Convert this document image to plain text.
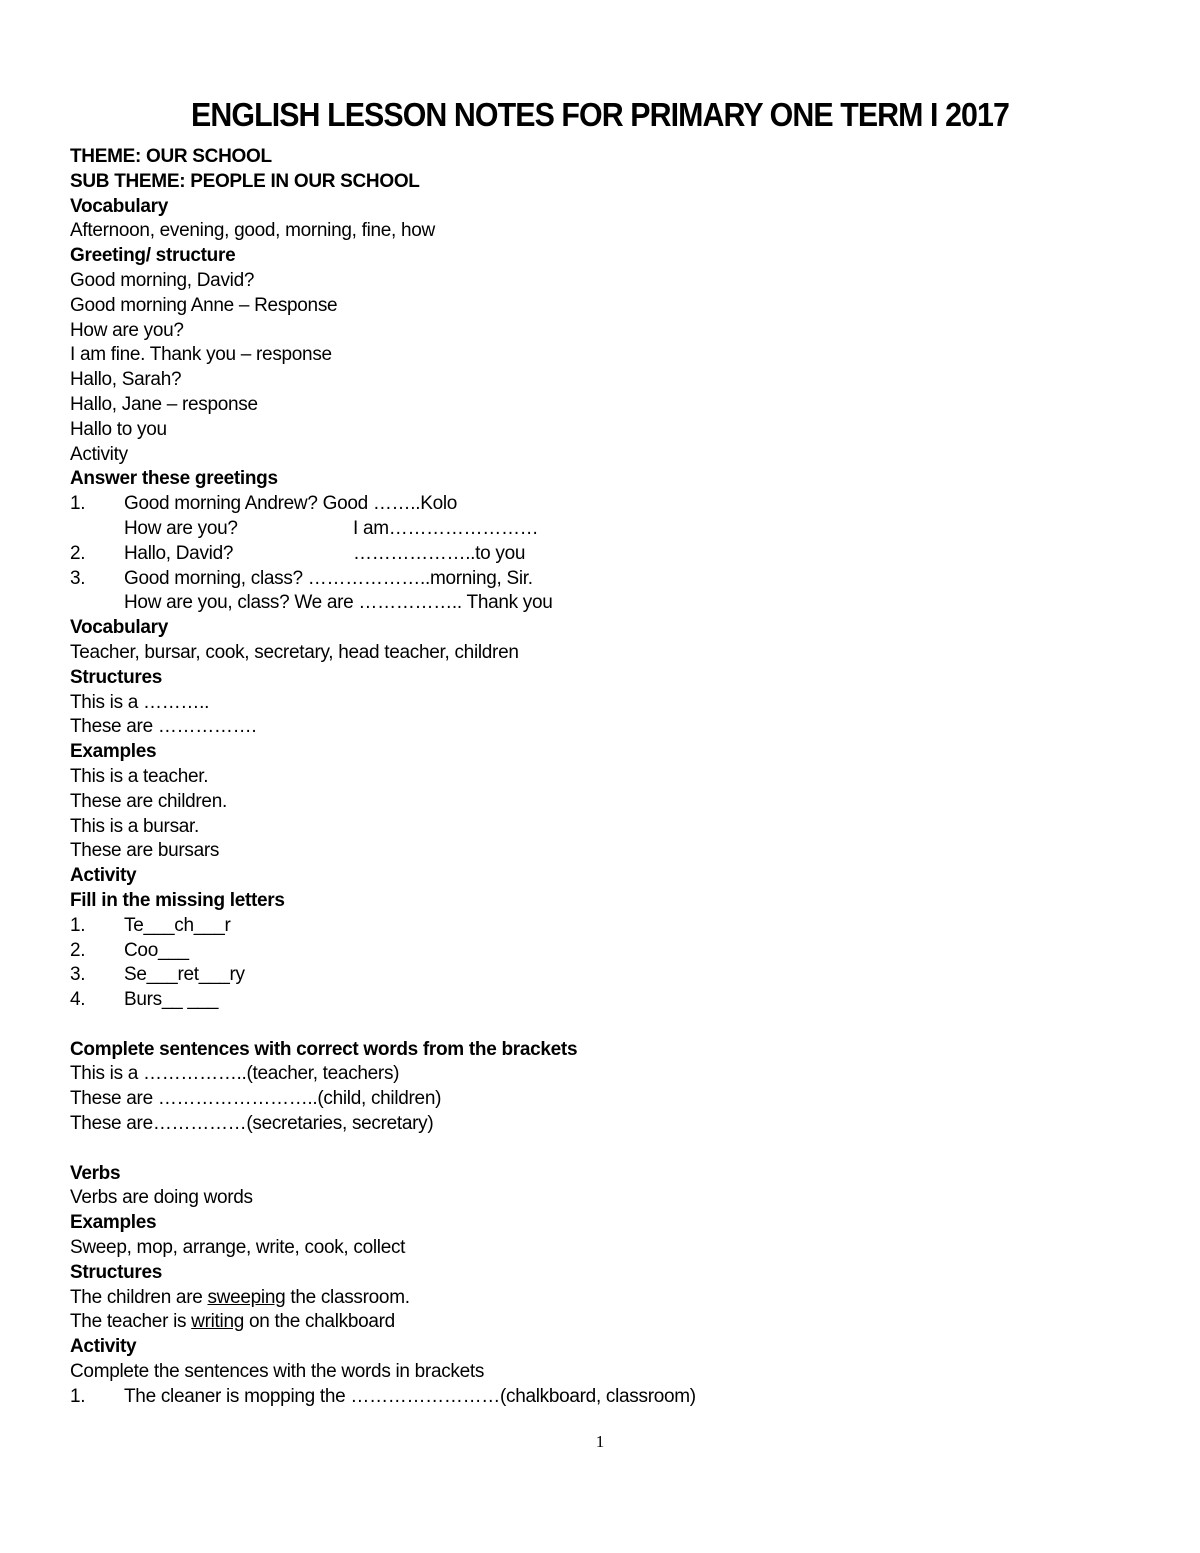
ENGLISH LESSON NOTES FOR PRIMARY ONE TERM I 2017
THEME: OUR SCHOOL
SUB THEME: PEOPLE IN OUR SCHOOL
Vocabulary
Afternoon, evening, good, morning, fine, how
Greeting/ structure
Good morning, David?
Good morning Anne – Response
How are you?
I am fine. Thank you – response
Hallo, Sarah?
Hallo, Jane – response
Hallo to you
Activity
Answer these greetings
1. Good morning Andrew? Good ……..Kolo
How are you?	I am……………………
2. Hallo, David?	………………..to you
3. Good morning, class? ………………..morning, Sir.
How are you, class? We are …………….. Thank you
Vocabulary
Teacher, bursar, cook, secretary, head teacher, children
Structures
This is a ………..
These are …………….
Examples
This is a teacher.
These are children.
This is a bursar.
These are bursars
Activity
Fill in the missing letters
1. Te___ch___r
2. Coo___
3. Se___ret___ry
4. Burs__ ___
Complete sentences with correct words from the brackets
This is a ……………..(teacher, teachers)
These are ……………………..(child, children)
These are……………(secretaries, secretary)
Verbs
Verbs are doing words
Examples
Sweep, mop, arrange, write, cook, collect
Structures
The children are sweeping the classroom.
The teacher is writing on the chalkboard
Activity
Complete the sentences with the words in brackets
1. The cleaner is mopping the ……………………(chalkboard, classroom)
1
